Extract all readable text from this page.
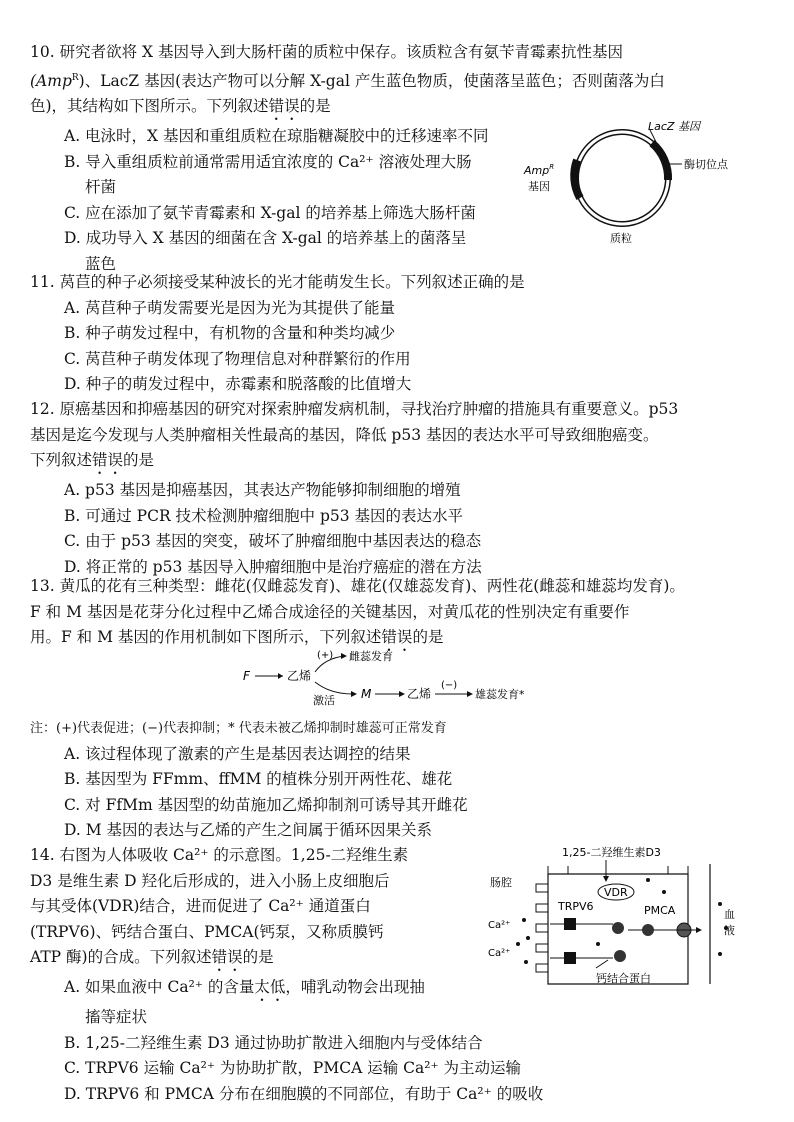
10. 研究者欲将 X 基因导入到大肠杆菌的质粒中保存。该质粒含有氨苄青霉素抗性基因
(Amp$^R$)、LacZ 基因(表达产物可以分解 X-gal 产生蓝色物质，使菌落呈蓝色；否则菌落为白
色)，其结构如下图所示。下列叙述错误的是
A. 电泳时，X 基因和重组质粒在琼脂糖凝胶中的迁移速率不同
B. 导入重组质粒前通常需用适宜浓度的 Ca²⁺ 溶液处理大肠
杆菌
C. 应在添加了氨苄青霉素和 X-gal 的培养基上筛选大肠杆菌
D. 成功导入 X 基因的细菌在含 X-gal 的培养基上的菌落呈
蓝色
LacZ 基因
酶切位点
Amp$^R$
基因
质粒
11. 莴苣的种子必须接受某种波长的光才能萌发生长。下列叙述正确的是
A. 莴苣种子萌发需要光是因为光为其提供了能量
B. 种子萌发过程中，有机物的含量和种类均减少
C. 莴苣种子萌发体现了物理信息对种群繁衍的作用
D. 种子的萌发过程中，赤霉素和脱落酸的比值增大
12. 原癌基因和抑癌基因的研究对探索肿瘤发病机制，寻找治疗肿瘤的措施具有重要意义。p53
基因是迄今发现与人类肿瘤相关性最高的基因，降低 p53 基因的表达水平可导致细胞癌变。
下列叙述错误的是
A. p53 基因是抑癌基因，其表达产物能够抑制细胞的增殖
B. 可通过 PCR 技术检测肿瘤细胞中 p53 基因的表达水平
C. 由于 p53 基因的突变，破坏了肿瘤细胞中基因表达的稳态
D. 将正常的 p53 基因导入肿瘤细胞中是治疗癌症的潜在方法
13. 黄瓜的花有三种类型：雌花(仅雌蕊发育)、雄花(仅雄蕊发育)、两性花(雌蕊和雄蕊均发育)。
F 和 M 基因是花芽分化过程中乙烯合成途径的关键基因，对黄瓜花的性别决定有重要作
用。F 和 M 基因的作用机制如下图所示，下列叙述错误的是
F	乙烯
(+) 雌蕊发育
激活 M	乙烯
(−)
雄蕊发育*
注：(+)代表促进；(−)代表抑制；* 代表未被乙烯抑制时雄蕊可正常发育
A. 该过程体现了激素的产生是基因表达调控的结果
B. 基因型为 FFmm、ffMM 的植株分别开两性花、雄花
C. 对 FfMm 基因型的幼苗施加乙烯抑制剂可诱导其开雌花
D. M 基因的表达与乙烯的产生之间属于循环因果关系
14. 右图为人体吸收 Ca²⁺ 的示意图。1,25-二羟维生素
D3 是维生素 D 羟化后形成的，进入小肠上皮细胞后
与其受体(VDR)结合，进而促进了 Ca²⁺ 通道蛋白
(TRPV6)、钙结合蛋白、PMCA(钙泵，又称质膜钙
ATP 酶)的合成。下列叙述错误的是
A. 如果血液中 Ca²⁺ 的含量太低，哺乳动物会出现抽
搐等症状
B. 1,25-二羟维生素 D3 通过协助扩散进入细胞内与受体结合
C. TRPV6 运输 Ca²⁺ 为协助扩散，PMCA 运输 Ca²⁺ 为主动运输
D. TRPV6 和 PMCA 分布在细胞膜的不同部位，有助于 Ca²⁺ 的吸收
1,25-二羟维生素D3
肠腔
VDR
TRPV6	PMCA
Ca²⁺
Ca²⁺
钙结合蛋白
血
液
